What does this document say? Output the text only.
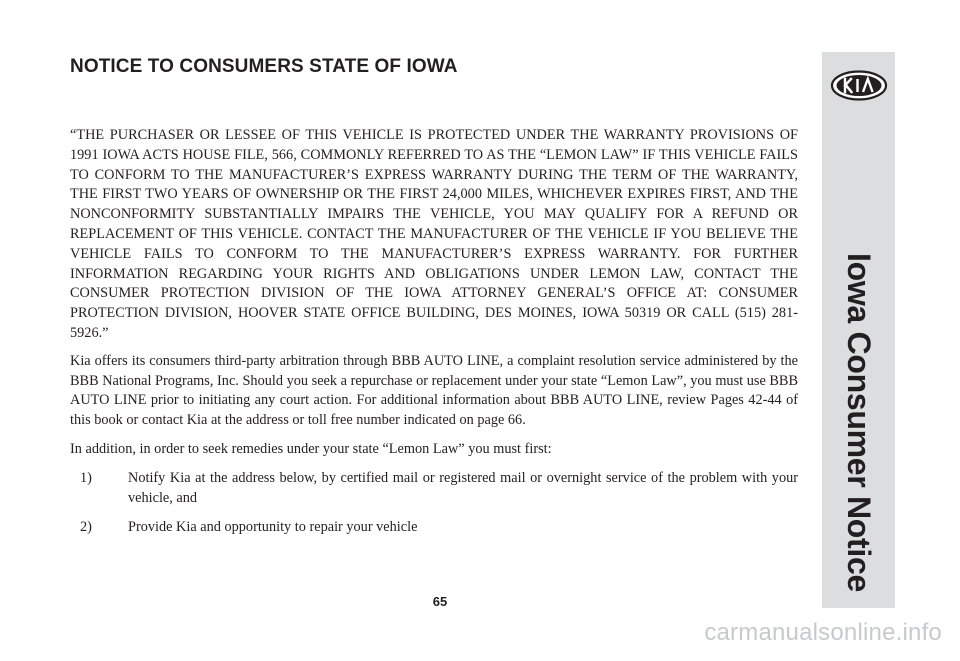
NOTICE TO CONSUMERS STATE OF IOWA

“THE PURCHASER OR LESSEE OF THIS VEHICLE IS PROTECTED UNDER THE WARRANTY PROVISIONS OF 1991 IOWA ACTS HOUSE FILE, 566, COMMONLY REFERRED TO AS THE “LEMON LAW” IF THIS VEHICLE FAILS TO CONFORM TO THE MANUFACTURER’S EXPRESS WARRANTY DURING THE TERM OF THE WARRANTY, THE FIRST TWO YEARS OF OWNERSHIP OR THE FIRST 24,000 MILES, WHICHEVER EXPIRES FIRST, AND THE NONCONFORMITY SUBSTANTIALLY IMPAIRS THE VEHICLE, YOU MAY QUALIFY FOR A REFUND OR REPLACEMENT OF THIS VEHICLE. CONTACT THE MANUFACTURER OF THE VEHICLE IF YOU BELIEVE THE VEHICLE FAILS TO CONFORM TO THE MANUFACTURER’S EXPRESS WARRANTY. FOR FURTHER INFORMATION REGARDING YOUR RIGHTS AND OBLIGATIONS UNDER LEMON LAW, CONTACT THE CONSUMER PROTECTION DIVISION OF THE IOWA ATTORNEY GENERAL’S OFFICE AT: CONSUMER PROTECTION DIVISION, HOOVER STATE OFFICE BUILDING, DES MOINES, IOWA 50319 OR CALL (515) 281-5926.”

Kia offers its consumers third-party arbitration through BBB AUTO LINE, a complaint resolution service administered by the BBB National Programs, Inc. Should you seek a repurchase or replacement under your state “Lemon Law”, you must use BBB AUTO LINE prior to initiating any court action. For additional information about BBB AUTO LINE, review Pages 42-44 of this book or contact Kia at the address or toll free number indicated on page 66.

In addition, in order to seek remedies under your state “Lemon Law” you must first:

1)	Notify Kia at the address below, by certified mail or registered mail or overnight service of the problem with your vehicle, and
2)	Provide Kia and opportunity to repair your vehicle
65
Iowa Consumer Notice
carmanualsonline.info
